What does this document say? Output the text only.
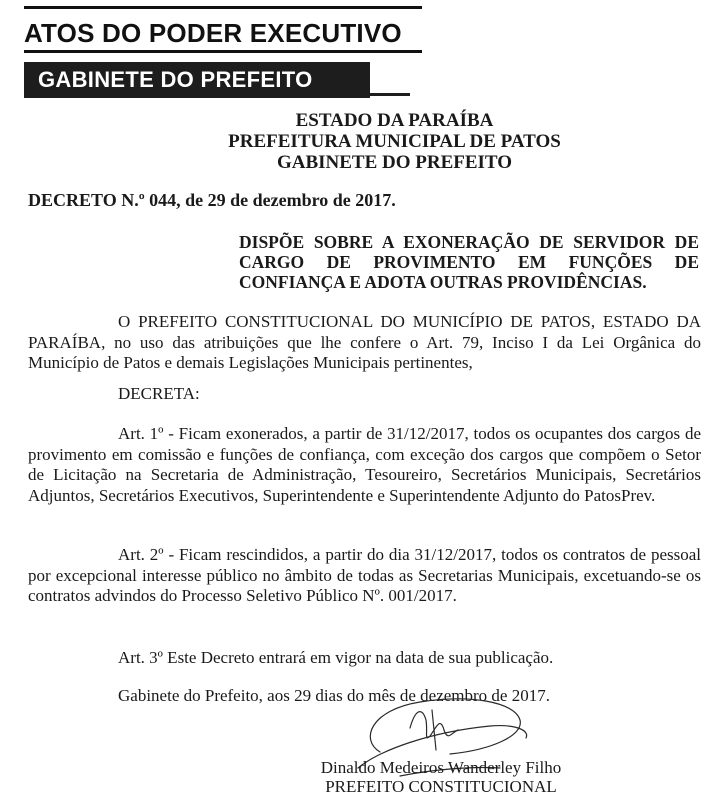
ATOS DO PODER EXECUTIVO
GABINETE DO PREFEITO
ESTADO DA PARAÍBA
PREFEITURA MUNICIPAL DE PATOS
GABINETE DO PREFEITO
DECRETO N.º 044, de 29 de dezembro de 2017.
DISPÕE SOBRE A EXONERAÇÃO DE SERVIDOR DE CARGO DE PROVIMENTO EM FUNÇÕES DE CONFIANÇA E ADOTA OUTRAS PROVIDÊNCIAS.
O PREFEITO CONSTITUCIONAL DO MUNICÍPIO DE PATOS, ESTADO DA PARAÍBA, no uso das atribuições que lhe confere o Art. 79, Inciso I da Lei Orgânica do Município de Patos e demais Legislações Municipais pertinentes,
DECRETA:
Art. 1º - Ficam exonerados, a partir de 31/12/2017, todos os ocupantes dos cargos de provimento em comissão e funções de confiança, com exceção dos cargos que compõem o Setor de Licitação na Secretaria de Administração, Tesoureiro, Secretários Municipais, Secretários Adjuntos, Secretários Executivos, Superintendente e Superintendente Adjunto do PatosPrev.
Art. 2º - Ficam rescindidos, a partir do dia 31/12/2017, todos os contratos de pessoal por excepcional interesse público no âmbito de todas as Secretarias Municipais, excetuando-se os contratos advindos do Processo Seletivo Público Nº. 001/2017.
Art. 3º Este Decreto entrará em vigor na data de sua publicação.
Gabinete do Prefeito, aos 29 dias do mês de dezembro de 2017.
Dinaldo Medeiros Wanderley Filho
PREFEITO CONSTITUCIONAL
